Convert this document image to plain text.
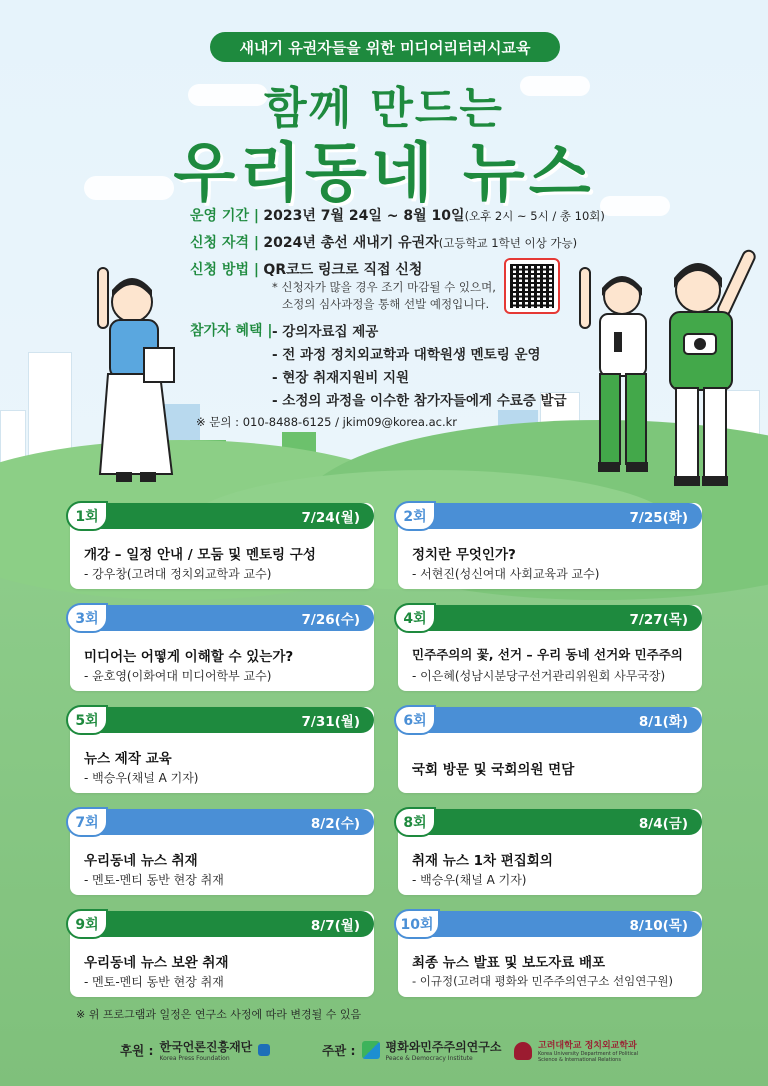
새내기 유권자들을 위한 미디어리터러시교육
함께 만드는
우리동네 뉴스
운영 기간 | 2023년 7월 24일 ~ 8월 10일(오후 2시 ~ 5시 / 총 10회)
신청 자격 | 2024년 총선 새내기 유권자(고등학교 1학년 이상 가능)
신청 방법 | QR코드 링크로 직접 신청
* 신청자가 많을 경우 조기 마감될 수 있으며,
소정의 심사과정을 통해 선발 예정입니다.
참가자 혜택 | - 강의자료집 제공
- 전 과정 정치외교학과 대학원생 멘토링 운영
- 현장 취재지원비 지원
- 소정의 과정을 이수한 참가자들에게 수료증 발급
※ 문의 : 010-8488-6125 / jkim09@korea.ac.kr
1회	7/24(월)
개강 – 일정 안내 / 모둠 및 멘토링 구성
- 강우창(고려대 정치외교학과 교수)
2회	7/25(화)
정치란 무엇인가?
- 서현진(성신여대 사회교육과 교수)
3회	7/26(수)
미디어는 어떻게 이해할 수 있는가?
- 윤호영(이화여대 미디어학부 교수)
4회	7/27(목)
민주주의의 꽃, 선거 – 우리 동네 선거와 민주주의
- 이은혜(성남시분당구선거관리위원회 사무국장)
5회	7/31(월)
뉴스 제작 교육
- 백승우(채널 A 기자)
6회	8/1(화)
국회 방문 및 국회의원 면담
7회	8/2(수)
우리동네 뉴스 취재
- 멘토-멘티 동반 현장 취재
8회	8/4(금)
취재 뉴스 1차 편집회의
- 백승우(채널 A 기자)
9회	8/7(월)
우리동네 뉴스 보완 취재
- 멘토-멘티 동반 현장 취재
10회	8/10(목)
최종 뉴스 발표 및 보도자료 배포
- 이규정(고려대 평화와 민주주의연구소 선임연구원)
※ 위 프로그램과 일정은 연구소 사정에 따라 변경될 수 있음
후원 : 한국언론진흥재단
Korea Press Foundation
주관 :	평화와민주주의연구소
Peace & Democracy Institute
고려대학교 정치외교학과
Korea University Department of Political Science & International Relations
